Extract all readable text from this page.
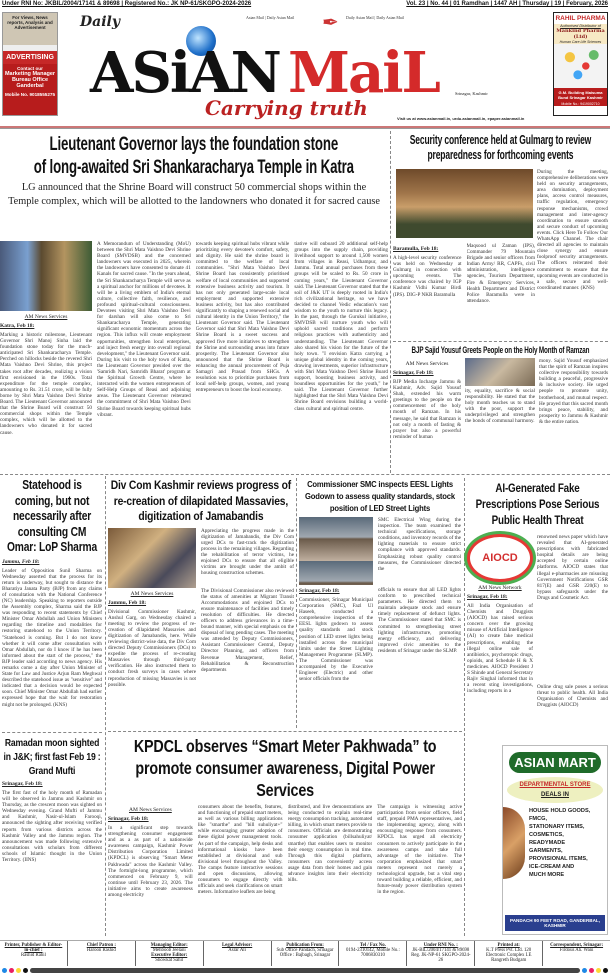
Under RNI No: JKBIL/2004/17141 & 89698 | Registered No.: JK NP-61/SKGPO-2024-2026	Vol. 23 | No. 44 | 01 Ramdhan | 1447 AH | Thursday | 19 | February, 2026
For Views, News reports, Analysis and Advertisement
ADVERTISING
Contact our
Marketing Manager
Bureau Office Ganderbal
Mobile No. 9018555275
Daily	Asian Mail | Daily Asian Mail ✒ Daily Asian Mail | Daily Asian Mail
ASiAN MaiL	Srinagar, Kashmir
Carrying truth	Visit us at www.asianmail.in, urdu.asianmail.in, epaper.asianmail.in
RAHIL PHARMA
Authorised Distributor of
Mankind Pharma (Ltd)
Human Care Life Sciences
G.M. Building Maisuma Bund Srinagar Kashmir
Mobile No.: 9419002710
Lieutenant Governor lays the foundation stone
of long-awaited Sri Shankaracharya Temple in Katra
LG announced that the Shrine Board will construct 50 commercial shops within the Temple complex, which will be allotted to the landowners who donated it for sacred cause
AM News Services
Katra, Feb 18:
Marking a historic milestone, Lieutenant Governor Shri Manoj Sinha laid the foundation stone today for the much-anticipated Sri Shankaracharya Temple. Perched on hillocks beside the revered Shri Mata Vaishno Devi Shrine, this project takes root after decades, realizing a vision first envisioned in the 1960s. Total expenditure for the temple complex, amounting to Rs. 31.51 crore, will be fully borne by Shri Mata Vaishno Devi Shrine Board. The Lieutenant Governor announced that the Shrine Board will construct 50 commercial shops within the Temple complex, which will be allotted to the landowners who donated it for sacred cause.
A Memorandum of Understanding (MoU) between the Shri Mata Vaishno Devi Shrine Board (SMVDSB) and the concerned landowners was executed in 2025, wherein the landowners have consented to donate 41 Kanals for sacred cause. "In the years ahead, the Sri Shankaracharya Temple will serve as a spiritual anchor for millions of devotees. It will be a living emblem of India's eternal culture, collective faith, resilience, and profound spiritual-cultural consciousness. Devotees visiting Shri Mata Vaishno Devi for darshan will also come to Sri Shankaracharya Temple, generating significant economic momentum across the region. This influx will create employment opportunities, strengthen local enterprises, and inject fresh energy into overall regional development," the Lieutenant Governor said. During his visit to the holy town of Katra, the Lieutenant Governor presided over the 'Samridh Nari, Samridh Bharat' program at the Spiritual Growth Centre, where he interacted with the women entrepreneurs of Self-Help Groups of Reasi and adjoining areas. The Lieutenant Governor reiterated the commitment of Shri Mata Vaishno Devi Shrine Board towards keeping spiritual hubs vibrant.
towards keeping spiritual hubs vibrant while prioritizing every devotee's comfort, safety, and dignity. He said the shrine board is committed to the welfare of local communities. "Shri Mata Vaishno Devi Shrine Board has consistently prioritised welfare of local communities and supported extensive business activity and tourism. It has not only generated large-scale local employment and supported extensive business activity, but has also contributed significantly to shaping a renewed social and cultural identity in the Union Territory," the Lieutenant Governor said. The Lieutenant Governor said that Shri Mata Vaishno Devi Shrine Board is a sweet success and approved five more initiatives to strengthen the Shrine and surrounding areas into future prosperity. The Lieutenant Governor also announced that the Shrine Board is enhancing the annual procurement of Puja Samagri and Prasad from SHGs. A resolution was to prioritize purchases from local self-help groups, women, and young entrepreneurs to boost the local economy.
tiative will onboard 20 additional self-help groups into the supply chain, providing livelihood support to around 1,500 women from villages in Reasi, Udhampur, and Jammu. Total annual purchases from these groups will be scaled to Rs. 50 crore in coming years," the Lieutenant Governor said. The Lieutenant Governor stated that the soil of J&K UT is deeply rooted in India's rich civilizational heritage, so we have decided to channel Vedic education's vast wisdom to the youth to nurture this legacy. In the past, through the Gurukul initiative, SMVDSB will nurture youth who will uphold sacred traditions and perform religious practices with authenticity and understanding. The Lieutenant Governor also shared his vision for the future of the holy town. "I envision Katra carrying a unique global identity in the coming years, drawing investments, superior infrastructure with Shri Mata Vaishno Devi Shrine Board support, boosting business activity, and boundless opportunities for the youth," he said. The Lieutenant Governor further highlighted that the Shri Mata Vaishno Devi Shrine Board envisions building a world-class cultural and spiritual centre.
Security conference held at Gulmarg to review preparedness for forthcoming events
During the meeting, comprehensive deliberations were held on security arrangements, area domination, deployment plans, access control measures, traffic regulation, emergency response mechanisms, crowd management and inter-agency coordination to ensure smooth and secure conduct of upcoming events. Click Here To Follow Our WhatsApp Channel. The chair directed all agencies to maintain close synergy and ensure foolproof security arrangements. The officers reiterated their commitment to ensure that the upcoming events are conducted in a safe, secure and well-coordinated manner. (KNS)
Baramulla, Feb 18:
A high-level security conference was held on Wednesday at Gulmarg in connection with upcoming events. The conference was chaired by IGP Kashmir Vidhi Kumar Birdi (IPS). DIG-P NKR Baramulla
Maqsood ul Zaman (IPS), Commander 79 Mountain Brigade and senior officers from Indian Army/ RR, CAPFs, civil administration, intelligence agencies, Tourism Department, Fire & Emergency Services, Health Department and District Police Baramulla were in attendance.
BJP Sajid Yousuf Greets People on the Holy Month of Ramzan
AM News Services
Srinagar, Feb 18:
BJP Media Incharge Jammu & Kashmir, Adv. Sajid Yousuf Shah, extended his warm greetings to the people on the commencement of the holy month of Ramzan. In his message, he said that Ramzan is not only a month of fasting & prayer but also a powerful reminder of human
ity, equality, sacrifice & social responsibility. He stated that the holy month teaches us to stand with the poor, support the underprivileged and strengthen the bonds of communal harmony.
mony. Sajid Yousuf emphasized that the spirit of Ramzan inspires collective responsibility towards building a peaceful, progressive & inclusive society. He urged people to promote unity, brotherhood, and mutual respect. He prayed that this sacred month brings peace, stability, and prosperity to Jammu & Kashmir & the entire nation.
Statehood is coming, but not necessarily after consulting CM Omar: LoP Sharma
Jammu, Feb 18:
Leader of Opposition Sunil Sharma on Wednesday asserted that the process for its return is underway, but sought to distance the Bharatiya Janata Party (BJP) from any claims of consultation with the National Conference (NC) leadership. Speaking to reporters outside the Assembly complex, Sharma said the BJP was responding to recent statements by Chief Minister Omar Abdullah and Union Ministers regarding the timeline and modalities for restoring statehood to the Union Territory. "Statehood is coming. But I do not know whether it will come after consultation with Omar Abdullah, nor do I know if he has been informed about the start of the process," the BJP leader said according to news agency. His remarks come a day after Union Minister of State for Law and Justice Arjun Ram Meghwal described the statehood issue as "sensitive" and indicated that a decision would be expected soon. Chief Minister Omar Abdullah had earlier expressed hope that the wait for restoration might not be prolonged. (KNS)
Ramadan moon sighted in J&K; first fast Feb 19 : Grand Mufti
Srinagar, Feb 18:
The first fast of the holy month of Ramadan will be observed in Jammu and Kashmir on Thursday, as the crescent moon was sighted on Wednesday evening. Grand Mufti of Jammu and Kashmir, Nasir-ul-Islam Farooqi, announced the sighting after receiving verified reports from various districts across the Kashmir Valley and the Jammu region. The announcement was made following extensive consultations with scholars from different schools of Islamic thought in the Union Territory. (IINS)
Div Com Kashmir reviews progress of re-creation of dilapidated Massavies, digitization of Jamabandis
AM News Services
Jammu, Feb 18:
Divisional Commissioner Kashmir, Anshul Garg, on Wednesday chaired a meeting to review the progress of re-creation of dilapidated Massavies and digitization of Jamabandis, here. While reviewing district-wise data, the Div Com directed Deputy Commissioners (DCs) to expedite the process of re-creating Massavies through third-party verification. He also instructed them to conduct fresh surveys in cases where reproduction of missing Massavies is not possible.
Appreciating the progress made in the digitization of Jamabandis, the Div Com urged DCs to fast-track the digitization process in the remaining villages. Regarding the rehabilitation of terror victims, he enjoined DCs to ensure that all eligible victims are brought under the ambit of housing construction schemes.
The Divisional Commissioner also reviewed the status of amenities at Migrant Transit Accommodations and enjoined DCs to ensure maintenance of facilities and timely resolution of difficulties. He directed officers to address grievances in a time-bound manner, with special emphasis on the disposal of long pending cases. The meeting was attended by Deputy Commissioners, Assistant Commissioner Central, Deputy Director Planning, and officers from Revenue Management, Relief, Rehabilitation & Reconstruction departments
Commissioner SMC inspects EESL Lights Godown to assess quality standards, stock position of LED Street Lights
Srinagar, Feb 18:
Commissioner, Srinagar Municipal Corporation (SMC), Fazl Ul Haseeb, conducted a comprehensive inspection of the EESL lights godown to assess quality standards and stock position of LED street lights being installed across the municipal limits under the Street Lighting Management Programme (SLMP). The Commissioner was accompanied by the Executive Engineer (Electric) and other senior officials from the
SMC Electrical Wing during the inspection. The team examined the technical specifications, storage conditions, and inventory records of the lighting materials to ensure strict compliance with approved standards. Emphasizing robust quality control measures, the Commissioner directed the
officials to ensure that all LED lights conform to prescribed technical parameters. He directed them to maintain adequate stock and ensure timely replacement of defunct lights. The Commissioner stated that SMC is committed to strengthening street lighting infrastructure, promoting energy efficiency, and delivering improved civic amenities to the residents of Srinagar under the SLMP.
AI-Generated Fake Prescriptions Pose Serious Public Health Threat
AIOCD
AM News Network
Srinagar, Feb 18:
All India Organisation of Chemists and Druggists (AIOCD) has raised serious concern over the growing misuse of Artificial Intelligence (AI) to create fake medical prescriptions, enabling the illegal online sale of antibiotics, psychotropic drugs, opioids, and Schedule H & X medicines. AIOCD President J S Shinde and General Secretary Rajiv Singhal informed that in a recent sting investigations, including reports in a
renowned news paper which have revealed that AI-generated prescriptions with fabricated hospital details are being accepted by certain online platforms. AIOCD states that illegal e-pharmacies are misusing Government Notifications GSR 817(E) and GSR 220(E) to bypass safeguards under the Drugs and Cosmetic Act.
Online drug sale poses a serious threat to public health. All India Organisation of Chemists and Druggists (AIOCD)
ASIAN MART
DEPARTMENTAL STORE
DEALS IN
HOUSE HOLD GOODS,
FMCG,
STATIONARY ITEMS,
COSMETICS,
READYMADE
GARMENTS,
PROVISIONAL ITEMS,
ICE-CREAM AND
MUCH MORE
PANDACH 90 FEET ROAD, GANDERBAL, KASHMIR
KPDCL observes “Smart Meter Pakhwada” to promote consumer awareness, Digital Power Services
AM News Services
Srinagar, Feb 18:
In a significant step towards strengthening consumer engagement and as a as part of a nationwide awareness campaign, Kashmir Power Distribution Corporation Limited (KPDCL) is observing "Smart Meter Pakhwada" across the Kashmir Valley. The fortnight-long programme, which commenced on February 9, will continue until February 23, 2026. The initiative aims to create awareness among electricity
consumers about the benefits, features, and functioning of prepaid smart meters, as well as various billing applications like "smarthe" and "bill suhuliyat+" while encouraging greater adoption of these digital power management tools. As part of the campaign, help desks and informational kiosks have been established at divisional and sub divisional level throughout the Valley. The camps feature interactive sessions and open discussions, allowing consumers to engage directly with officials and seek clarifications on smart meters. Informative leaflets are being
distributed, and live demonstrations are being conducted to explain real-time energy consumption tracking, automated billing, in which smart meters provide to consumers. Officials are demonstrating consumer application (billsahuliyat/ smarthe) that enables users to monitor their energy consumption in real time. Through this digital platform, consumers can conveniently access usage data from their homes and gain advance insights into their electricity bills.
The campaign is witnessing active participation from senior officers, field staff, prepaid PMA representatives, and the implementing agency, along with encouraging response from consumers. KPDCL has urged all electricity consumers to actively participate in the awareness camps and take full advantage of the initiative. The corporation emphasized that smart meters represent not merely a technological upgrade, but a vital step toward building a reliable, efficient, and future-ready power distribution system in the region.
Printer, Publisher & Editor-in-chief :
Rashid Rahil
Chief Patron :
Haroon Rashid
Managing Editor:
Mehboob Jeelani
Executive Editor:
Showkat Sahil
Legal Advisor:
Asrar Ali
Publication From:
Sub Office Pandach, Srinagar Office : Bajbagh, Srinagar
Tel / Fax No.
0194-2310142, Mobile No.: 7006830310
Under RNI No. :
JK-BIL/2004/17141 & 89698 Reg. JK-NP-61 SKGPO-2024-26
Printed at:
K.T Press Pvt. Ltd. 120 Electronic Complex I.E Rangreth Budgam
Correspondent, Srinagar:
Firdous Ah. Wani
